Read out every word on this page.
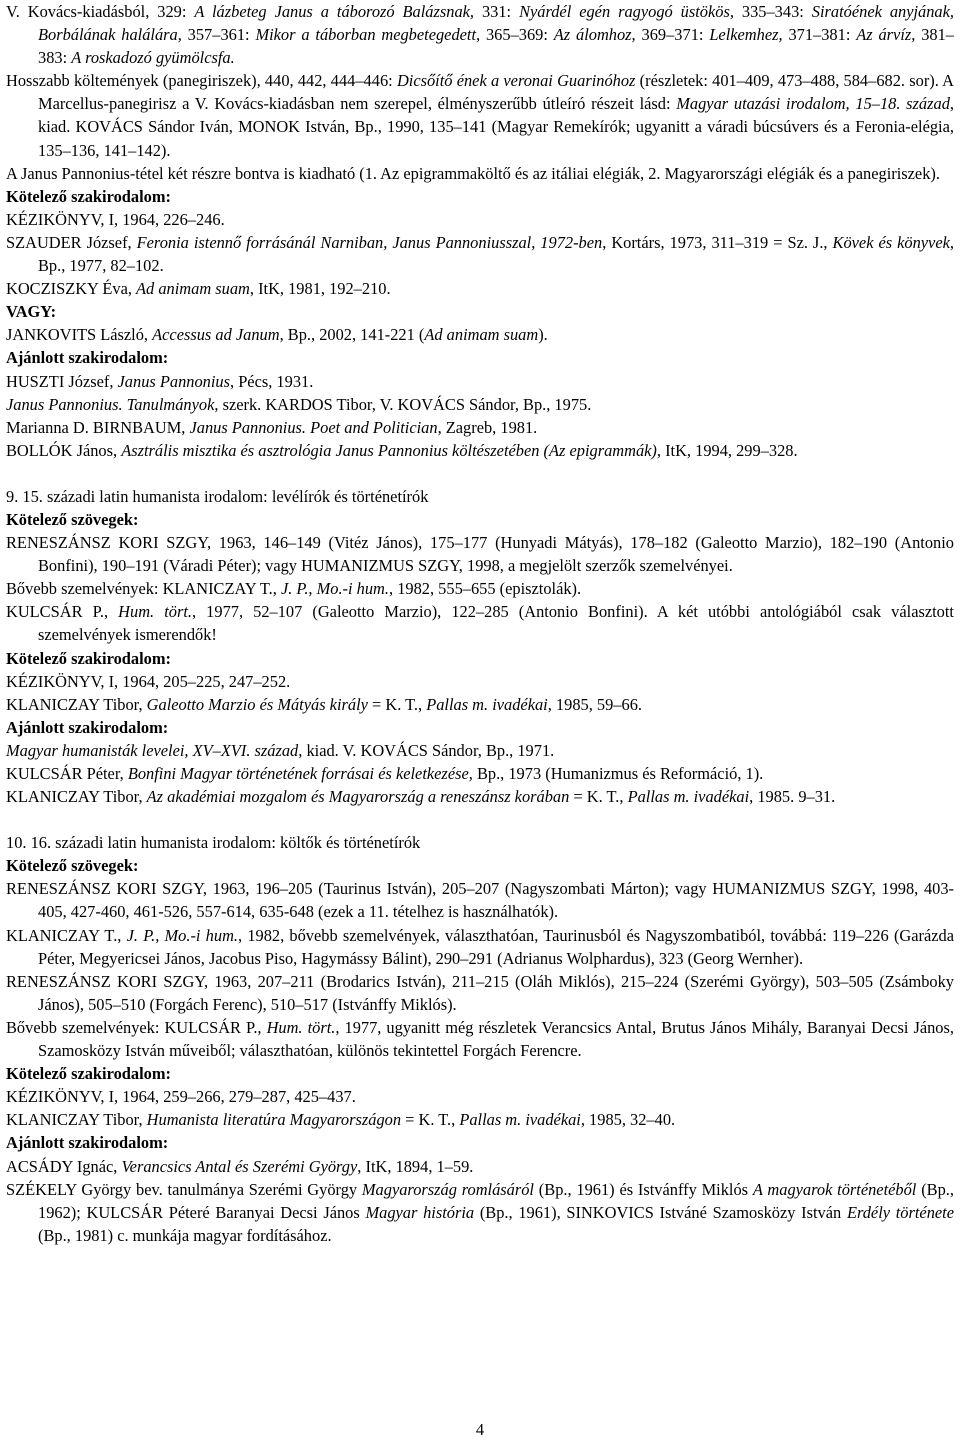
V. Kovács-kiadásból, 329: A lázbeteg Janus a táborozó Balázsnak, 331: Nyárdél egén ragyogó üstökös, 335–343: Siratóének anyjának, Borbálának halálára, 357–361: Mikor a táborban megbetegedett, 365–369: Az álomhoz, 369–371: Lelkemhez, 371–381: Az árvíz, 381–383: A roskadozó gyümölcsfa.

Hosszabb költemények (panegiriszek), 440, 442, 444–446: Dicsőítő ének a veronai Guarinóhoz (részletek: 401–409, 473–488, 584–682. sor). A Marcellus-panegirisz a V. Kovács-kiadásban nem szerepel, élményszerűbb útleíró részeit lásd: Magyar utazási irodalom, 15–18. század, kiad. KOVÁCS Sándor Iván, MONOK István, Bp., 1990, 135–141 (Magyar Remekírók; ugyanitt a váradi búcsúvers és a Feronia-elégia, 135–136, 141–142).

A Janus Pannonius-tétel két részre bontva is kiadható (1. Az epigrammaköltő és az itáliai elégiák, 2. Magyarországi elégiák és a panegiriszek).

Kötelező szakirodalom:

KÉZIKÖNYV, I, 1964, 226–246.

SZAUDER József, Feronia istennő forrásánál Narniban, Janus Pannoniusszal, 1972-ben, Kortárs, 1973, 311–319 = Sz. J., Kövek és könyvek, Bp., 1977, 82–102.

KOCZISZKY Éva, Ad animam suam, ItK, 1981, 192–210.

VAGY:

JANKOVITS László, Accessus ad Janum, Bp., 2002, 141-221 (Ad animam suam).

Ajánlott szakirodalom:

HUSZTI József, Janus Pannonius, Pécs, 1931.

Janus Pannonius. Tanulmányok, szerk. KARDOS Tibor, V. KOVÁCS Sándor, Bp., 1975.

Marianna D. BIRNBAUM, Janus Pannonius. Poet and Politician, Zagreb, 1981.

BOLLÓK János, Asztrális misztika és asztrológia Janus Pannonius költészetében (Az epigrammák), ItK, 1994, 299–328.

9. 15. századi latin humanista irodalom: levélírók és történetírók

Kötelező szövegek:

RENESZÁNSZ KORI SZGY, 1963, 146–149 (Vitéz János), 175–177 (Hunyadi Mátyás), 178–182 (Galeotto Marzio), 182–190 (Antonio Bonfini), 190–191 (Váradi Péter); vagy HUMANIZMUS SZGY, 1998, a megjelölt szerzők szemelvényei.

Bővebb szemelvények: KLANICZAY T., J. P., Mo.-i hum., 1982, 555–655 (episztolák).

KULCSÁR P., Hum. tört., 1977, 52–107 (Galeotto Marzio), 122–285 (Antonio Bonfini). A két utóbbi antológiából csak választott szemelvények ismerendők!

Kötelező szakirodalom:

KÉZIKÖNYV, I, 1964, 205–225, 247–252.

KLANICZAY Tibor, Galeotto Marzio és Mátyás király = K. T., Pallas m. ivadékai, 1985, 59–66.

Ajánlott szakirodalom:

Magyar humanisták levelei, XV–XVI. század, kiad. V. KOVÁCS Sándor, Bp., 1971.

KULCSÁR Péter, Bonfini Magyar történetének forrásai és keletkezése, Bp., 1973 (Humanizmus és Reformáció, 1).

KLANICZAY Tibor, Az akadémiai mozgalom és Magyarország a reneszánsz korában = K. T., Pallas m. ivadékai, 1985. 9–31.

10. 16. századi latin humanista irodalom: költők és történetírók

Kötelező szövegek:

RENESZÁNSZ KORI SZGY, 1963, 196–205 (Taurinus István), 205–207 (Nagyszombati Márton); vagy HUMANIZMUS SZGY, 1998, 403-405, 427-460, 461-526, 557-614, 635-648 (ezek a 11. tételhez is használhatók).

KLANICZAY T., J. P., Mo.-i hum., 1982, bővebb szemelvények, választhatóan, Taurinusból és Nagyszombatiból, továbbá: 119–226 (Garázda Péter, Megyericsei János, Jacobus Piso, Hagymássy Bálint), 290–291 (Adrianus Wolphardus), 323 (Georg Wernher).

RENESZÁNSZ KORI SZGY, 1963, 207–211 (Brodarics István), 211–215 (Oláh Miklós), 215–224 (Szerémi György), 503–505 (Zsámboky János), 505–510 (Forgách Ferenc), 510–517 (Istvánffy Miklós).

Bővebb szemelvények: KULCSÁR P., Hum. tört., 1977, ugyanitt még részletek Verancsics Antal, Brutus János Mihály, Baranyai Decsi János, Szamosközy István műveiből; választhatóan, különös tekintettel Forgách Ferencre.

Kötelező szakirodalom:

KÉZIKÖNYV, I, 1964, 259–266, 279–287, 425–437.

KLANICZAY Tibor, Humanista literatúra Magyarországon = K. T., Pallas m. ivadékai, 1985, 32–40.

Ajánlott szakirodalom:

ACSÁDY Ignác, Verancsics Antal és Szerémi György, ItK, 1894, 1–59.

SZÉKELY György bev. tanulmánya Szerémi György Magyarország romlásáról (Bp., 1961) és Istvánffy Miklós A magyarok történetéből (Bp., 1962); KULCSÁR Péteré Baranyai Decsi János Magyar história (Bp., 1961), SINKOVICS Istváné Szamosközy István Erdély története (Bp., 1981) c. munkája magyar fordításához.

4
